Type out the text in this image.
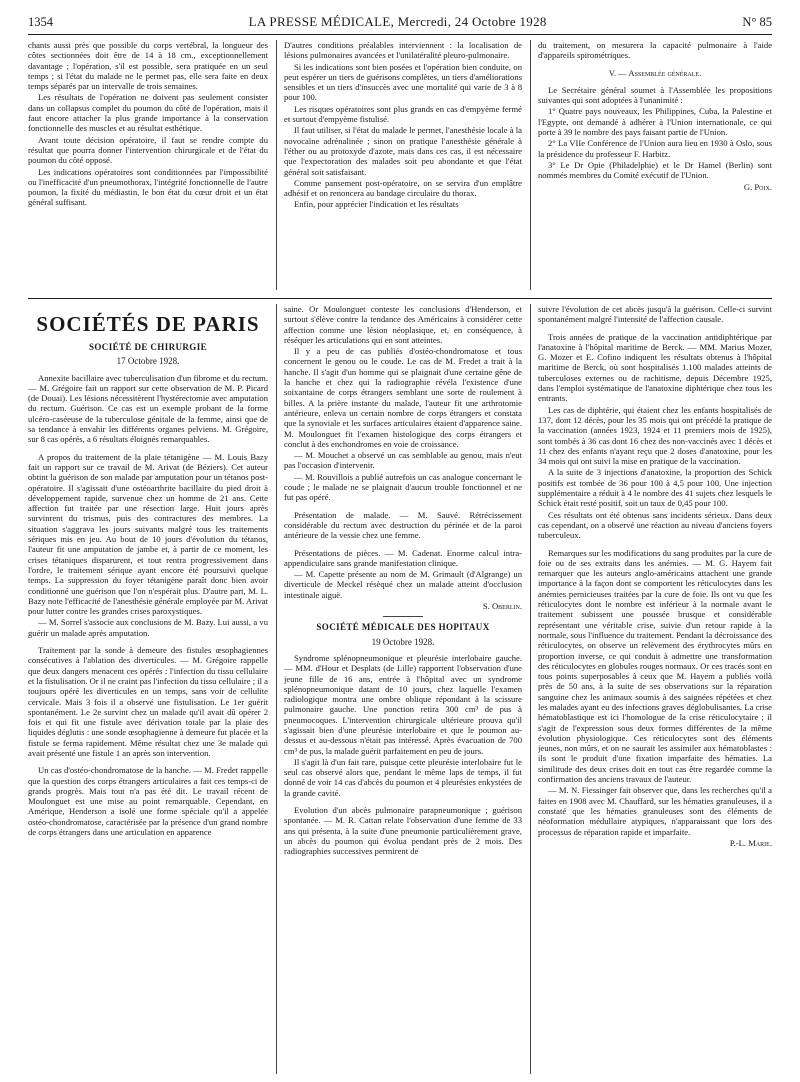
1354	LA PRESSE MÉDICALE, Mercredi, 24 Octobre 1928	N° 85

chants aussi près que possible du corps vertébral, la longueur des côtes sectionnées doit être de 14 à 18 cm., exceptionnellement davantage ; l'opération, s'il est possible, sera pratiquée en un seul temps ; si l'état du malade ne le permet pas, elle sera faite en deux temps séparés par un intervalle de trois semaines.

Les résultats de l'opération ne doivent pas seulement consister dans un collapsus complet du poumon du côté de l'opération, mais il faut encore attacher la plus grande importance à la conservation fonctionnelle des muscles et au résultat esthétique.

Avant toute décision opératoire, il faut se rendre compte du résultat que pourra donner l'intervention chirurgicale et de l'état du poumon du côté opposé.

Les indications opératoires sont conditionnées par l'impossibilité ou l'inefficacité d'un pneumothorax, l'intégrité fonctionnelle de l'autre poumon, la fixité du médiastin, le bon état du cœur droit et un état général suffisant.

D'autres conditions préalables interviennent : la localisation de lésions pulmonaires avancées et l'unilatéralité pleuro-pulmonaire.

Si les indications sont bien posées et l'opération bien conduite, on peut espérer un tiers de guérisons complètes, un tiers d'améliorations sensibles et un tiers d'insuccès avec une mortalité qui varie de 3 à 8 pour 100.

Les risques opératoires sont plus grands en cas d'empyème fermé et surtout d'empyème fistulisé.

Il faut utiliser, si l'état du malade le permet, l'anesthésie locale à la novocaïne adrénalinée ; sinon on pratique l'anesthésie générale à l'éther ou au protoxyde d'azote, mais dans ces cas, il est nécessaire que l'expectoration des malades soit peu abondante et que l'état général soit satisfaisant.

Comme pansement post-opératoire, on se servira d'un emplâtre adhésif et on renoncera au bandage circulaire du thorax.

Enfin, pour apprécier l'indication et les résultats

du traitement, on mesurera la capacité pulmonaire à l'aide d'appareils spirométriques.

V. — Assemblée générale.

Le Secrétaire général soumet à l'Assemblée les propositions suivantes qui sont adoptées à l'unanimité :

1° Quatre pays nouveaux, les Philippines, Cuba, la Palestine et l'Egypte, ont demandé à adhérer à l'Union internationale, ce qui porte à 39 le nombre des pays faisant partie de l'Union.

2° La VIIe Conférence de l'Union aura lieu en 1930 à Oslo, sous la présidence du professeur F. Harbitz.

3° Le Dr Opie (Philadelphie) et le Dr Hamel (Berlin) sont nommés membres du Comité exécutif de l'Union.

G. Poix.

SOCIÉTÉS DE PARIS
SOCIÉTÉ DE CHIRURGIE
17 Octobre 1928.

Annexite bacillaire avec tuberculisation d'un fibrome et du rectum. — M. Grégoire fait un rapport sur cette observation de M. P. Picard (de Douai). Les lésions nécessitèrent l'hystérectomie avec amputation du rectum. Guérison. Ce cas est un exemple probant de la forme ulcéro-caséeuse de la tuberculose génitale de la femme, ainsi que de sa tendance à envahir les différents organes pelviens. M. Grégoire, sur 8 cas opérés, a 6 résultats éloignés remarquables.

A propos du traitement de la plaie tétanigène — M. Louis Bazy fait un rapport sur ce travail de M. Arivat (de Béziers). Cet auteur obtint la guérison de son malade par amputation pour un tétanos post-opératoire. Il s'agissait d'une ostéoarthrite bacillaire du pied droit à développement rapide, survenue chez un homme de 21 ans. Cette affection fut traitée par une résection large. Huit jours après survinrent du trismus, puis des contractures des membres. La situation s'aggrava les jours suivants malgré tous les traitements sériques mis en jeu. Au bout de 10 jours d'évolution du tétanos, l'auteur fit une amputation de jambe et, à partir de ce moment, les crises tétaniques disparurent, et tout rentra progressivement dans l'ordre, le traitement sérique ayant encore été poursuivi quelque temps. La suppression du foyer tétanigène paraît donc bien avoir conditionné une guérison que l'on n'espérait plus. D'autre part, M. L. Bazy note l'efficacité de l'anesthésie générale employée par M. Arivat pour lutter contre les grandes crises paroxystiques.

— M. Sorrel s'associe aux conclusions de M. Bazy. Lui aussi, a vu guérir un malade après amputation.

Traitement par la sonde à demeure des fistules œsophagiennes consécutives à l'ablation des diverticules. — M. Grégoire rappelle que deux dangers menacent ces opérés : l'infection du tissu cellulaire et la fistulisation. Or il ne craint pas l'infection du tissu cellulaire ; il a toujours opéré les diverticules en un temps, sans voir de cellulite cervicale. Mais 3 fois il a observé une fistulisation. Le 1er guérit spontanément. Le 2e survint chez un malade qu'il avait dû opérer 2 fois et qui fit une fistule avec dérivation totale par la plaie des liquides déglutis : une sonde œsophagienne à demeure fut placée et la fistule se ferma rapidement. Même résultat chez une 3e malade qui avait présenté une fistule 1 an après son intervention.

Un cas d'ostéo-chondromatose de la hanche. — M. Fredet rappelle que la question des corps étrangers articulaires a fait ces temps-ci de grands progrès. Mais tout n'a pas été dit. Le travail récent de Moulonguet est une mise au point remarquable. Cependant, en Amérique, Henderson a isolé une forme spéciale qu'il a appelée ostéo-chondromatose, caractérisée par la présence d'un grand nombre de corps étrangers dans une articulation en apparence

saine. Or Moulonguet conteste les conclusions d'Henderson, et surtout s'élève contre la tendance des Américains à considérer cette affection comme une lésion néoplasique, et, en conséquence, à réséquer les articulations qui en sont atteintes.

Il y a peu de cas publiés d'ostéo-chondromatose et tous concernent le genou ou le coude. Le cas de M. Fredet a trait à la hanche. Il s'agit d'un homme qui se plaignait d'une certaine gêne de la hanche et chez qui la radiographie révéla l'existence d'une soixantaine de corps étrangers semblant une sorte de roulement à billes. A la prière instante du malade, l'auteur fit une arthrotomie antérieure, enleva un certain nombre de corps étrangers et constata que la synoviale et les surfaces articulaires étaient d'apparence saine. M. Moulonguet fit l'examen histologique des corps étrangers et conclut à des enchondromes en voie de croissance.

— M. Mouchet a observé un cas semblable au genou, mais n'eut pas l'occasion d'intervenir.

— M. Rouvillois a publié autrefois un cas analogue concernant le coude ; le malade ne se plaignait d'aucun trouble fonctionnel et ne fut pas opéré.

Présentation de malade. — M. Sauvé. Rétrécissement considérable du rectum avec destruction du périnée et de la paroi antérieure de la vessie chez une femme.

Présentations de pièces. — M. Cadenat. Enorme calcul intra-appendiculaire sans grande manifestation clinique.

— M. Capette présente au nom de M. Grimault (d'Algrange) un diverticule de Meckel résèqué chez un malade atteint d'occlusion intestinale aiguë.

S. Oberlin.

SOCIÉTÉ MÉDICALE DES HOPITAUX
19 Octobre 1928.

Syndrome splénopneumonique et pleurésie interlobaire gauche. — MM. d'Hour et Desplats (de Lille) rapportent l'observation d'une jeune fille de 16 ans, entrée à l'hôpital avec un syndrome splénopneumonique datant de 10 jours, chez laquelle l'examen radiologique montra une ombre oblique répondant à la scissure pulmonaire gauche. Une ponction retira 300 cm³ de pus à pneumocoques. L'intervention chirurgicale ultérieure prouva qu'il s'agissait bien d'une pleurésie interlobaire et que le poumon au-dessus et au-dessous n'était pas intéressé. Après évacuation de 700 cm³ de pus, la malade guérit parfaitement en peu de jours.

Il s'agit là d'un fait rare, puisque cette pleurésie interlobaire fut le seul cas observé alors que, pendant le même laps de temps, il fut donné de voir 14 cas d'abcès du poumon et 4 pleurésies enkystées de la grande cavité.

Evolution d'un abcès pulmonaire parapneumonique ; guérison spontanée. — M. R. Cattan relate l'observation d'une femme de 33 ans qui présenta, à la suite d'une pneumonie particulièrement grave, un abcès du poumon qui évolua pendant près de 2 mois. Des radiographies successives permirent de

suivre l'évolution de cet abcès jusqu'à la guérison. Celle-ci survint spontanément malgré l'intensité de l'affection causale.

Trois années de pratique de la vaccination antidiphtérique par l'anatoxine à l'hôpital maritime de Berck. — MM. Marius Mozer, G. Mozer et E. Cofino indiquent les résultats obtenus à l'hôpital maritime de Berck, où sont hospitalisés 1.100 malades atteints de tuberculoses externes ou de rachitisme, depuis Décembre 1925, dans l'emploi systématique de l'anatoxine diphtérique chez tous les entrants.

Les cas de diphtérie, qui étaient chez les enfants hospitalisés de 137, dont 12 décès, pour les 35 mois qui ont précédé la pratique de la vaccination (années 1923, 1924 et 11 premiers mois de 1925), sont tombés à 36 cas dont 16 chez des non-vaccinés avec 1 décès et 11 chez des enfants n'ayant reçu que 2 doses d'anatoxine, pour les 34 mois qui ont suivi la mise en pratique de la vaccination.

A la suite de 3 injections d'anatoxine, la proportion des Schick positifs est tombée de 36 pour 100 à 4,5 pour 100. Une injection supplémentaire a réduit à 4 le nombre des 41 sujets chez lesquels le Schick était resté positif, soit un taux de 0,45 pour 100.

Ces résultats ont été obtenus sans incidents sérieux. Dans deux cas cependant, on a observé une réaction au niveau d'anciens foyers tuberculeux.

Remarques sur les modifications du sang produites par la cure de foie ou de ses extraits dans les anémies. — M. G. Hayem fait remarquer que les auteurs anglo-américains attachent une grande importance à la façon dont se comportent les réticulocytes dans les anémies pernicieuses traitées par la cure de foie. Ils ont vu que les réticulocytes dont le nombre est inférieur à la normale avant le traitement subissent une poussée brusque et considérable représentant une véritable crise, suivie d'un retour rapide à la normale, sous l'influence du traitement. Pendant la décroissance des réticulocytes, on observe un relèvement des érythrocytes mûrs en proportion inverse, ce qui conduit à admettre une transformation des réticulocytes en globules rouges normaux. Or ces tracés sont en tous points superposables à ceux que M. Hayem a publiés voilà près de 50 ans, à la suite de ses observations sur la réparation sanguine chez les animaux soumis à des saignées répétées et chez les malades ayant eu des infections graves déglobulisantes. La crise hématoblastique est ici l'homologue de la crise réticulocytaire ; il s'agit de l'expression sous deux formes différentes de la même évolution physiologique. Ces réticulocytes sont des éléments jeunes, non mûrs, et on ne saurait les assimiler aux hématoblastes : ils sont le produit d'une fixation imparfaite des hématies. La similitude des deux crises doit en tout cas être regardée comme la confirmation des anciens travaux de l'auteur.

— M. N. Fiessinger fait observer que, dans les recherches qu'il a faites en 1908 avec M. Chauffard, sur les hématies granuleuses, il a constaté que les hématies granuleuses sont des éléments de néoformation médullaire atypiques, n'apparaissant que lors des processus de réparation rapide et imparfaite.

P.-L. Marie.
